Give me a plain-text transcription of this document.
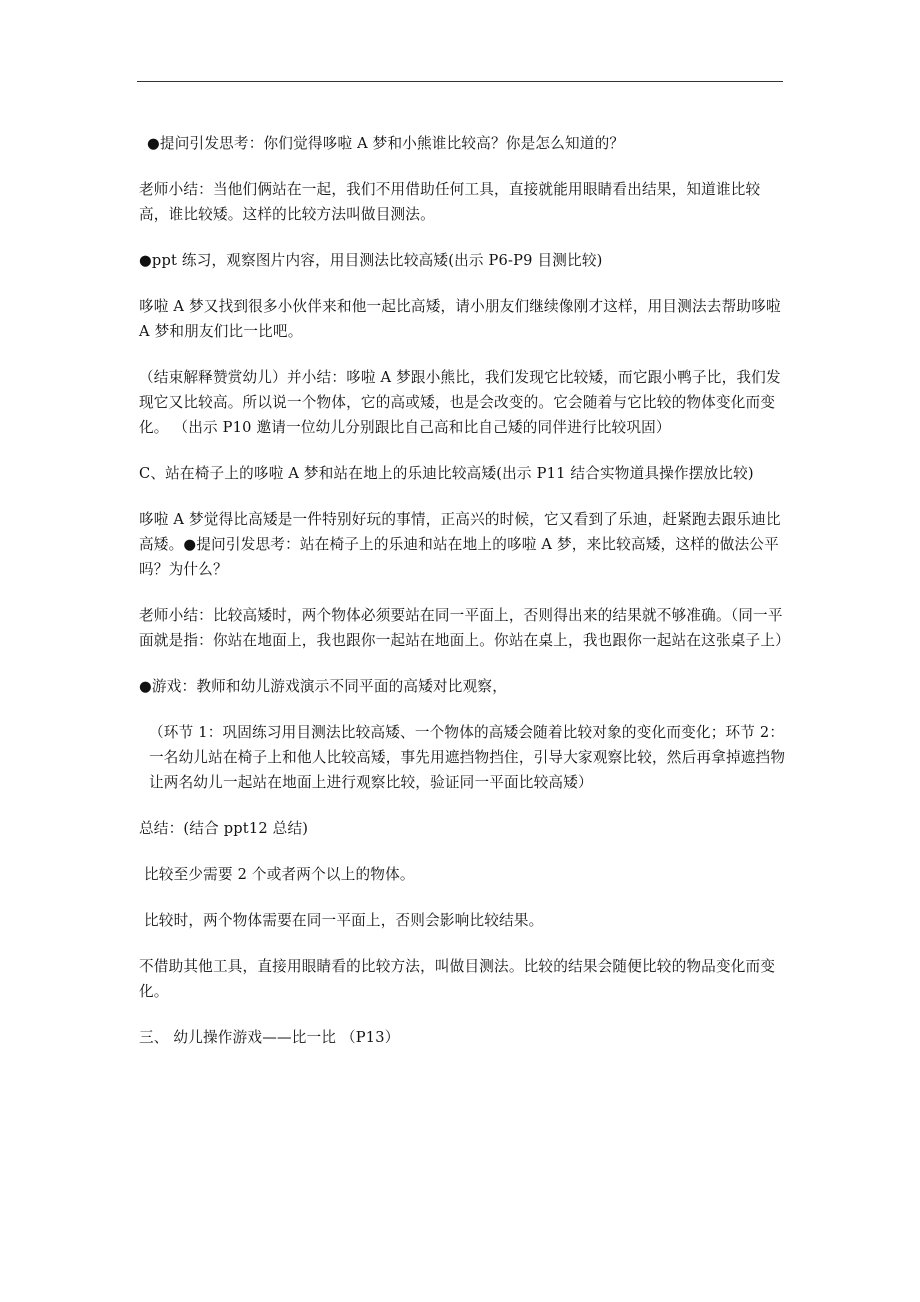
●提问引发思考：你们觉得哆啦 A 梦和小熊谁比较高？你是怎么知道的？

老师小结：当他们俩站在一起，我们不用借助任何工具，直接就能用眼睛看出结果，知道谁比较高，谁比较矮。这样的比较方法叫做目测法。

●ppt 练习，观察图片内容，用目测法比较高矮(出示 P6-P9 目测比较)

哆啦 A 梦又找到很多小伙伴来和他一起比高矮，请小朋友们继续像刚才这样，用目测法去帮助哆啦 A 梦和朋友们比一比吧。

（结束解释赞赏幼儿）并小结：哆啦 A 梦跟小熊比，我们发现它比较矮，而它跟小鸭子比，我们发现它又比较高。所以说一个物体，它的高或矮，也是会改变的。它会随着与它比较的物体变化而变化。 （出示 P10 邀请一位幼儿分别跟比自己高和比自己矮的同伴进行比较巩固）

C、站在椅子上的哆啦 A 梦和站在地上的乐迪比较高矮(出示 P11 结合实物道具操作摆放比较)

哆啦 A 梦觉得比高矮是一件特别好玩的事情，正高兴的时候，它又看到了乐迪，赶紧跑去跟乐迪比高矮。●提问引发思考：站在椅子上的乐迪和站在地上的哆啦 A 梦，来比较高矮，这样的做法公平吗？为什么？

老师小结：比较高矮时，两个物体必须要站在同一平面上，否则得出来的结果就不够准确。（同一平面就是指：你站在地面上，我也跟你一起站在地面上。你站在桌上，我也跟你一起站在这张桌子上）

●游戏：教师和幼儿游戏演示不同平面的高矮对比观察，

（环节 1：巩固练习用目测法比较高矮、一个物体的高矮会随着比较对象的变化而变化；环节 2：一名幼儿站在椅子上和他人比较高矮，事先用遮挡物挡住，引导大家观察比较，然后再拿掉遮挡物让两名幼儿一起站在地面上进行观察比较，验证同一平面比较高矮）

总结：(结合 ppt12 总结)

比较至少需要 2 个或者两个以上的物体。

比较时，两个物体需要在同一平面上，否则会影响比较结果。

不借助其他工具，直接用眼睛看的比较方法，叫做目测法。比较的结果会随便比较的物品变化而变化。

三、 幼儿操作游戏——比一比 （P13）
